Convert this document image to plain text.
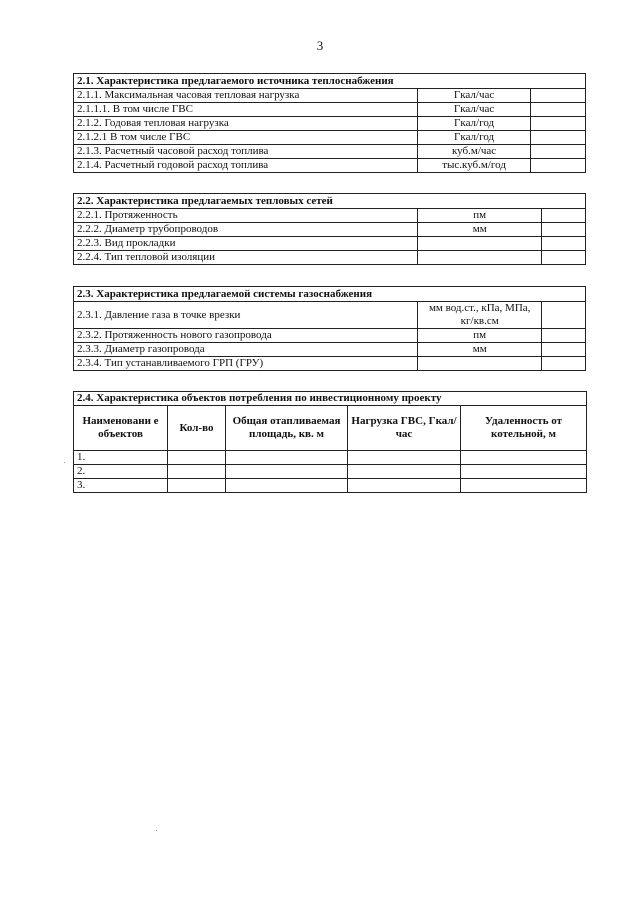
3
2.1. Характеристика предлагаемого источника теплоснабжения		
2.1.1. Максимальная часовая тепловая нагрузка	Гкал/час	
2.1.1.1. В том числе ГВС	Гкал/час	
2.1.2. Годовая тепловая нагрузка	Гкал/год	
2.1.2.1 В том числе ГВС	Гкал/год	
2.1.3. Расчетный часовой расход топлива	куб.м/час	
2.1.4. Расчетный годовой расход топлива	тыс.куб.м/год	
2.2. Характеристика предлагаемых тепловых сетей		
2.2.1. Протяженность	пм	
2.2.2. Диаметр трубопроводов	мм	
2.2.3. Вид прокладки		
2.2.4. Тип тепловой изоляции		
2.3. Характеристика предлагаемой системы газоснабжения		
2.3.1. Давление газа в точке врезки	мм вод.ст., кПа, МПа, кг/кв.см	
2.3.2. Протяженность нового газопровода	пм	
2.3.3. Диаметр газопровода	мм	
2.3.4. Тип устанавливаемого ГРП (ГРУ)		
2.4. Характеристика объектов потребления по инвестиционному проекту				
Наименовани е объектов	Кол-во	Общая отапливаемая площадь, кв. м	Нагрузка ГВС, Гкал/час	Удаленность от котельной, м
1.				
2.				
3.				
